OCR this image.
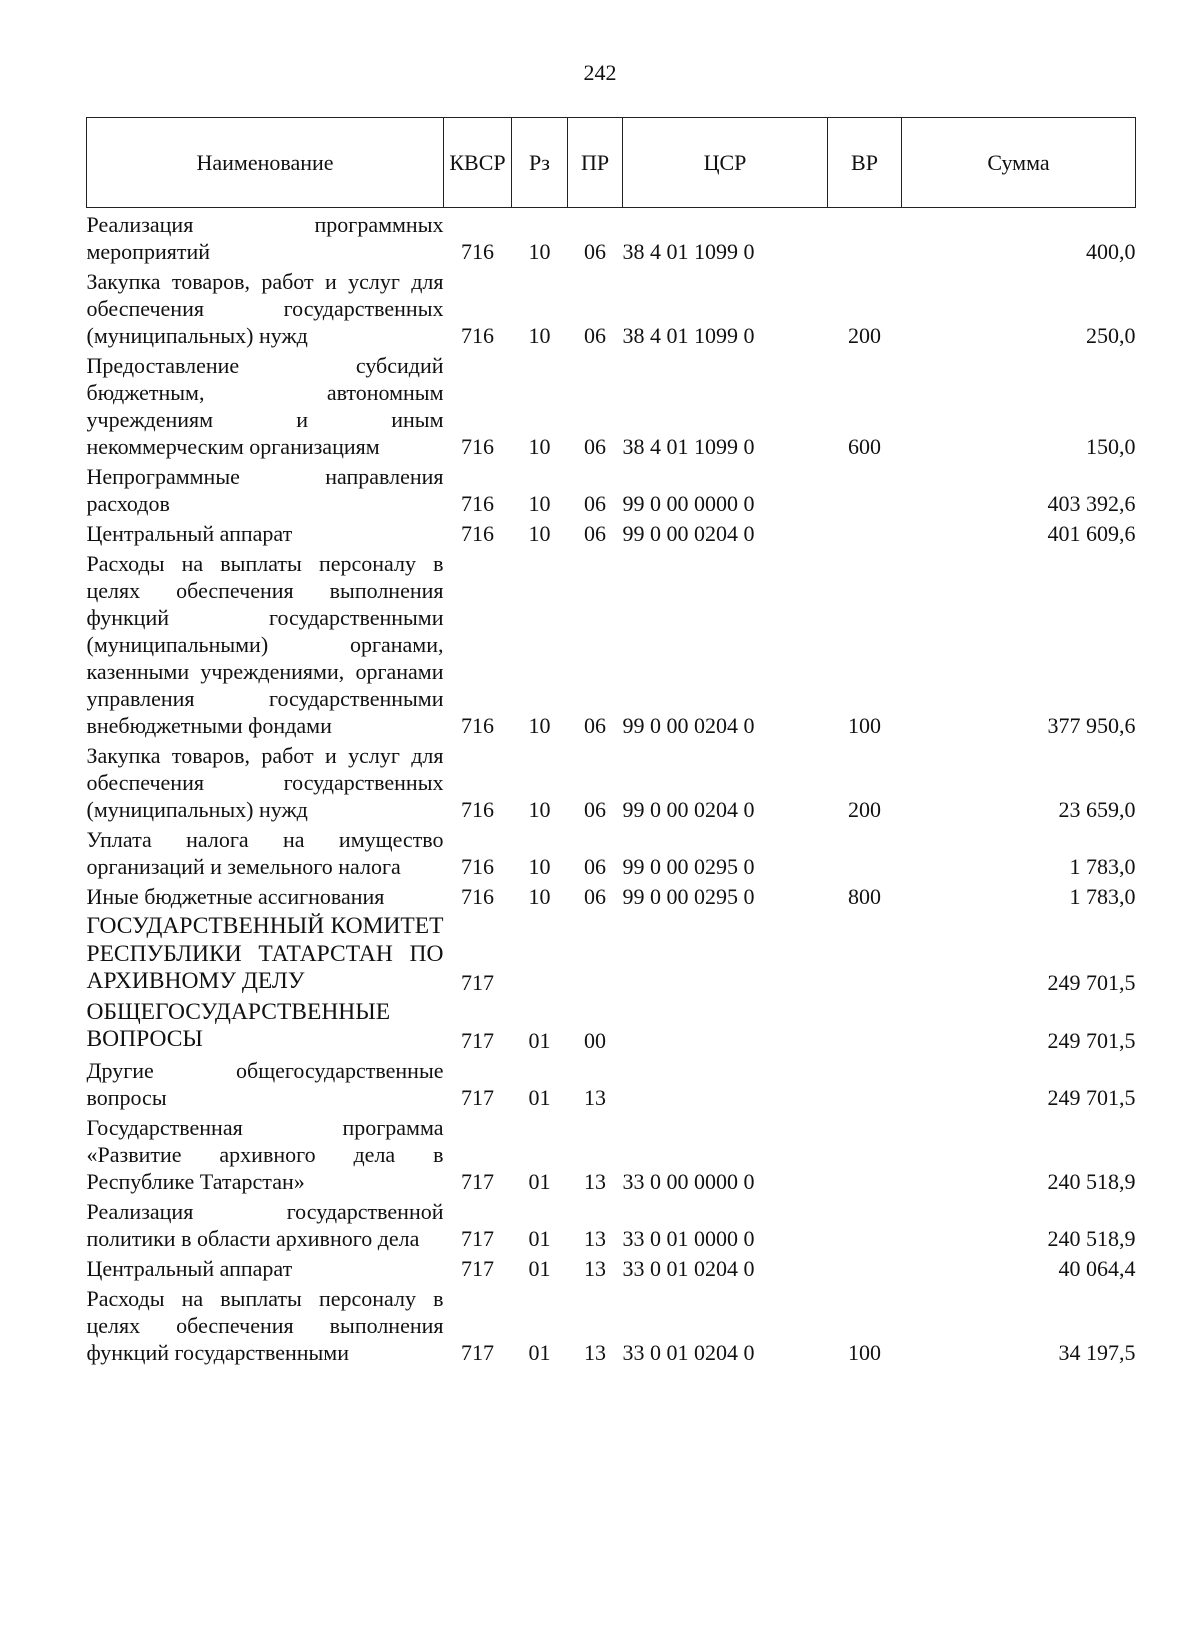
242
Наименование	КВСР	Рз	ПР	ЦСР	ВР	Сумма

Реализация программных мероприятий	716	10	06	38 4 01 1099 0		400,0

Закупка товаров, работ и услуг для обеспечения государственных (муниципальных) нужд	716	10	06	38 4 01 1099 0	200	250,0

Предоставление субсидий бюджетным, автономным учреждениям и иным некоммерческим организациям	716	10	06	38 4 01 1099 0	600	150,0

Непрограммные направления расходов	716	10	06	99 0 00 0000 0		403 392,6

Центральный аппарат	716	10	06	99 0 00 0204 0		401 609,6

Расходы на выплаты персоналу в целях обеспечения выполнения функций государственными (муниципальными) органами, казенными учреждениями, органами управления государственными внебюджетными фондами	716	10	06	99 0 00 0204 0	100	377 950,6

Закупка товаров, работ и услуг для обеспечения государственных (муниципальных) нужд	716	10	06	99 0 00 0204 0	200	23 659,0

Уплата налога на имущество организаций и земельного налога	716	10	06	99 0 00 0295 0		1 783,0

Иные бюджетные ассигнования	716	10	06	99 0 00 0295 0	800	1 783,0

ГОСУДАРСТВЕННЫЙ КОМИТЕТ РЕСПУБЛИКИ ТАТАРСТАН ПО АРХИВНОМУ ДЕЛУ	717					249 701,5

ОБЩЕГОСУДАРСТВЕННЫЕ ВОПРОСЫ	717	01	00			249 701,5

Другие общегосударственные вопросы	717	01	13			249 701,5

Государственная программа «Развитие архивного дела в Республике Татарстан»	717	01	13	33 0 00 0000 0		240 518,9

Реализация государственной политики в области архивного дела	717	01	13	33 0 01 0000 0		240 518,9

Центральный аппарат	717	01	13	33 0 01 0204 0		40 064,4

Расходы на выплаты персоналу в целях обеспечения выполнения функций государственными	717	01	13	33 0 01 0204 0	100	34 197,5
